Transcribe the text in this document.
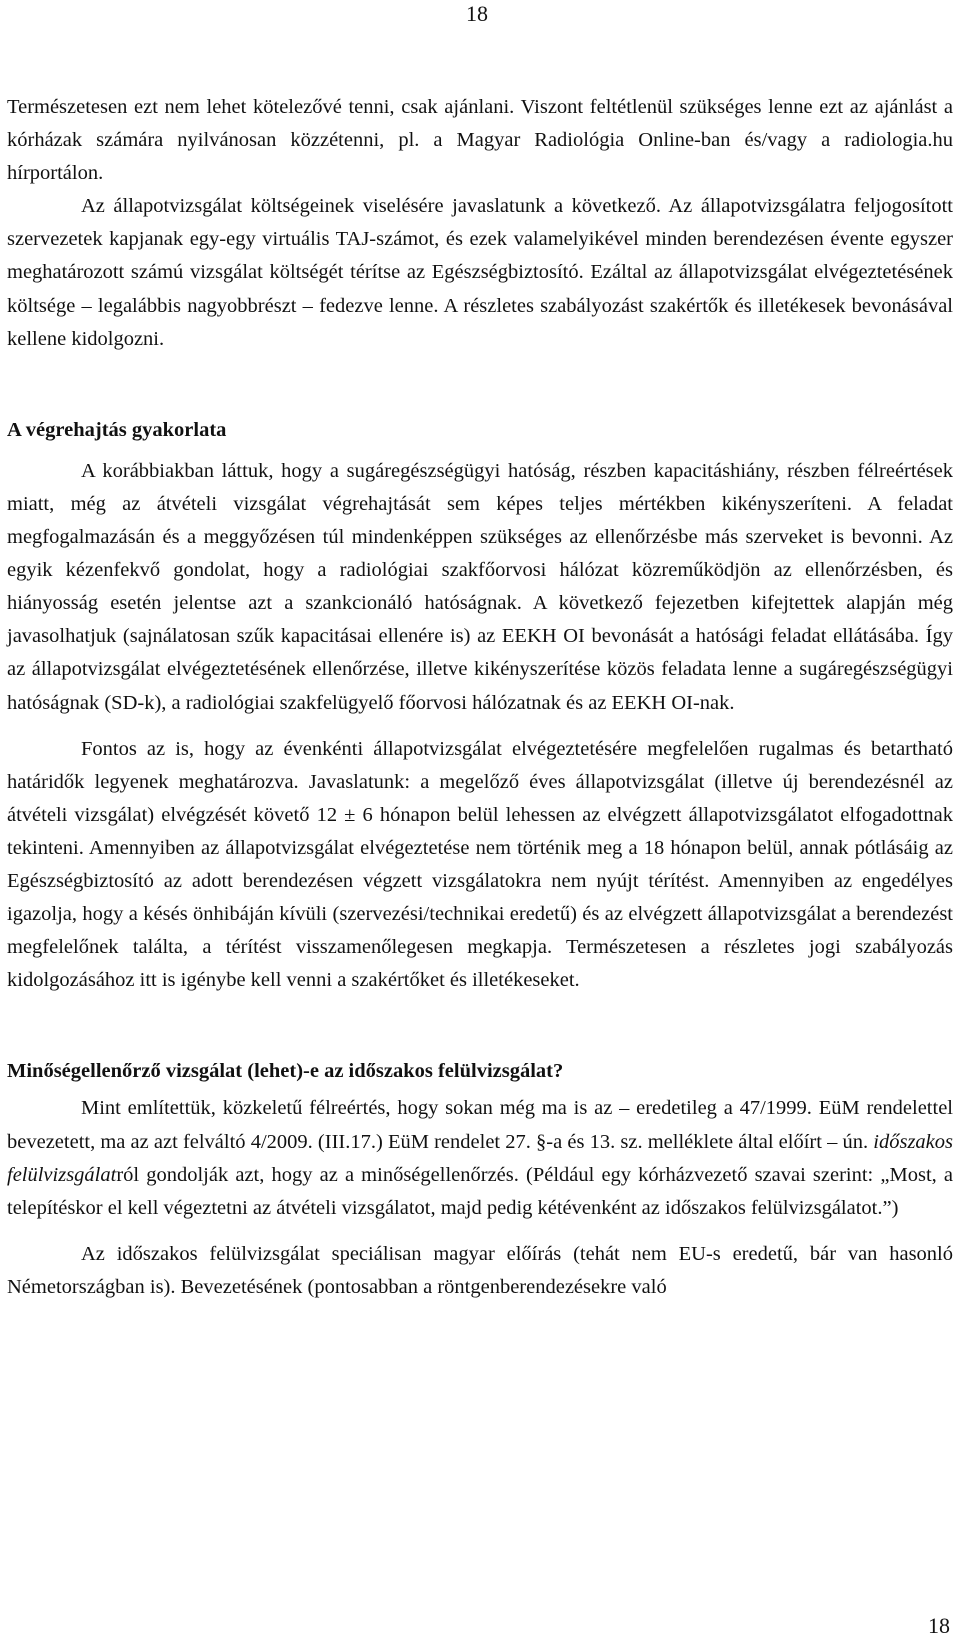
18

Természetesen ezt nem lehet kötelezővé tenni, csak ajánlani. Viszont feltétlenül szükséges lenne ezt az ajánlást a kórházak számára nyilvánosan közzétenni, pl. a Magyar Radiológia Online-ban és/vagy a radiologia.hu hírportálon.

Az állapotvizsgálat költségeinek viselésére javaslatunk a következő. Az állapotvizsgálatra feljogosított szervezetek kapjanak egy-egy virtuális TAJ-számot, és ezek valamelyikével minden berendezésen évente egyszer meghatározott számú vizsgálat költségét térítse az Egészségbiztosító. Ezáltal az állapotvizsgálat elvégeztetésének költsége – legalábbis nagyobbrészt – fedezve lenne. A részletes szabályozást szakértők és illetékesek bevonásával kellene kidolgozni.

A végrehajtás gyakorlata

A korábbiakban láttuk, hogy a sugáregészségügyi hatóság, részben kapacitáshiány, részben félreértések miatt, még az átvételi vizsgálat végrehajtását sem képes teljes mértékben kikényszeríteni. A feladat megfogalmazásán és a meggyőzésen túl mindenképpen szükséges az ellenőrzésbe más szerveket is bevonni. Az egyik kézenfekvő gondolat, hogy a radiológiai szakfőorvosi hálózat közreműködjön az ellenőrzésben, és hiányosság esetén jelentse azt a szankcionáló hatóságnak. A következő fejezetben kifejtettek alapján még javasolhatjuk (sajnálatosan szűk kapacitásai ellenére is) az EEKH OI bevonását a hatósági feladat ellátásába. Így az állapotvizsgálat elvégeztetésének ellenőrzése, illetve kikényszerítése közös feladata lenne a sugáregészségügyi hatóságnak (SD-k), a radiológiai szakfelügyelő főorvosi hálózatnak és az EEKH OI-nak.

Fontos az is, hogy az évenkénti állapotvizsgálat elvégeztetésére megfelelően rugalmas és betartható határidők legyenek meghatározva. Javaslatunk: a megelőző éves állapotvizsgálat (illetve új berendezésnél az átvételi vizsgálat) elvégzését követő 12 ± 6 hónapon belül lehessen az elvégzett állapotvizsgálatot elfogadottnak tekinteni. Amennyiben az állapotvizsgálat elvégeztetése nem történik meg a 18 hónapon belül, annak pótlásáig az Egészségbiztosító az adott berendezésen végzett vizsgálatokra nem nyújt térítést. Amennyiben az engedélyes igazolja, hogy a késés önhibáján kívüli (szervezési/technikai eredetű) és az elvégzett állapotvizsgálat a berendezést megfelelőnek találta, a térítést visszamenőlegesen megkapja. Természetesen a részletes jogi szabályozás kidolgozásához itt is igénybe kell venni a szakértőket és illetékeseket.

Minőségellenőrző vizsgálat (lehet)-e az időszakos felülvizsgálat?

Mint említettük, közkeletű félreértés, hogy sokan még ma is az – eredetileg a 47/1999. EüM rendelettel bevezetett, ma az azt felváltó 4/2009. (III.17.) EüM rendelet 27. §-a és 13. sz. melléklete által előírt – ún. időszakos felülvizsgálatról gondolják azt, hogy az a minőségellenőrzés. (Például egy kórházvezető szavai szerint: „Most, a telepítéskor el kell végeztetni az átvételi vizsgálatot, majd pedig kétévenként az időszakos felülvizsgálatot.”)

Az időszakos felülvizsgálat speciálisan magyar előírás (tehát nem EU-s eredetű, bár van hasonló Németországban is). Bevezetésének (pontosabban a röntgenberendezésekre való

18
